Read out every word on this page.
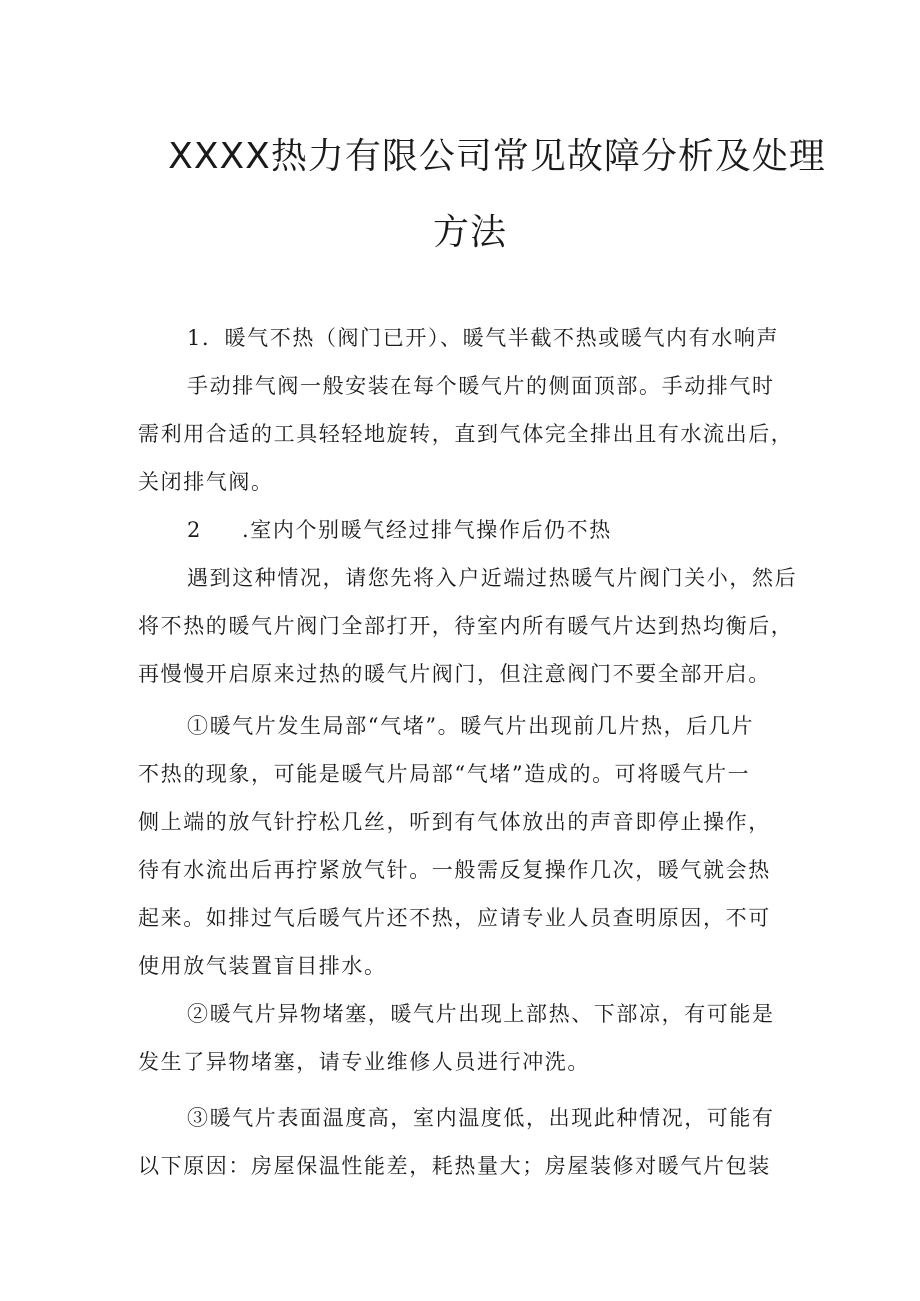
XXXX热力有限公司常见故障分析及处理
方法
1．暖气不热（阀门已开）、暖气半截不热或暖气内有水响声
手动排气阀一般安装在每个暖气片的侧面顶部。手动排气时
需利用合适的工具轻轻地旋转，直到气体完全排出且有水流出后，
关闭排气阀。
2 .室内个别暖气经过排气操作后仍不热
遇到这种情况，请您先将入户近端过热暖气片阀门关小，然后
将不热的暖气片阀门全部打开，待室内所有暖气片达到热均衡后，
再慢慢开启原来过热的暖气片阀门，但注意阀门不要全部开启。
①暖气片发生局部“气堵”。暖气片出现前几片热，后几片
不热的现象，可能是暖气片局部“气堵”造成的。可将暖气片一
侧上端的放气针拧松几丝，听到有气体放出的声音即停止操作，
待有水流出后再拧紧放气针。一般需反复操作几次，暖气就会热
起来。如排过气后暖气片还不热，应请专业人员查明原因，不可
使用放气装置盲目排水。
②暖气片异物堵塞，暖气片出现上部热、下部凉，有可能是
发生了异物堵塞，请专业维修人员进行冲洗。
③暖气片表面温度高，室内温度低，出现此种情况，可能有
以下原因：房屋保温性能差，耗热量大；房屋装修对暖气片包装
